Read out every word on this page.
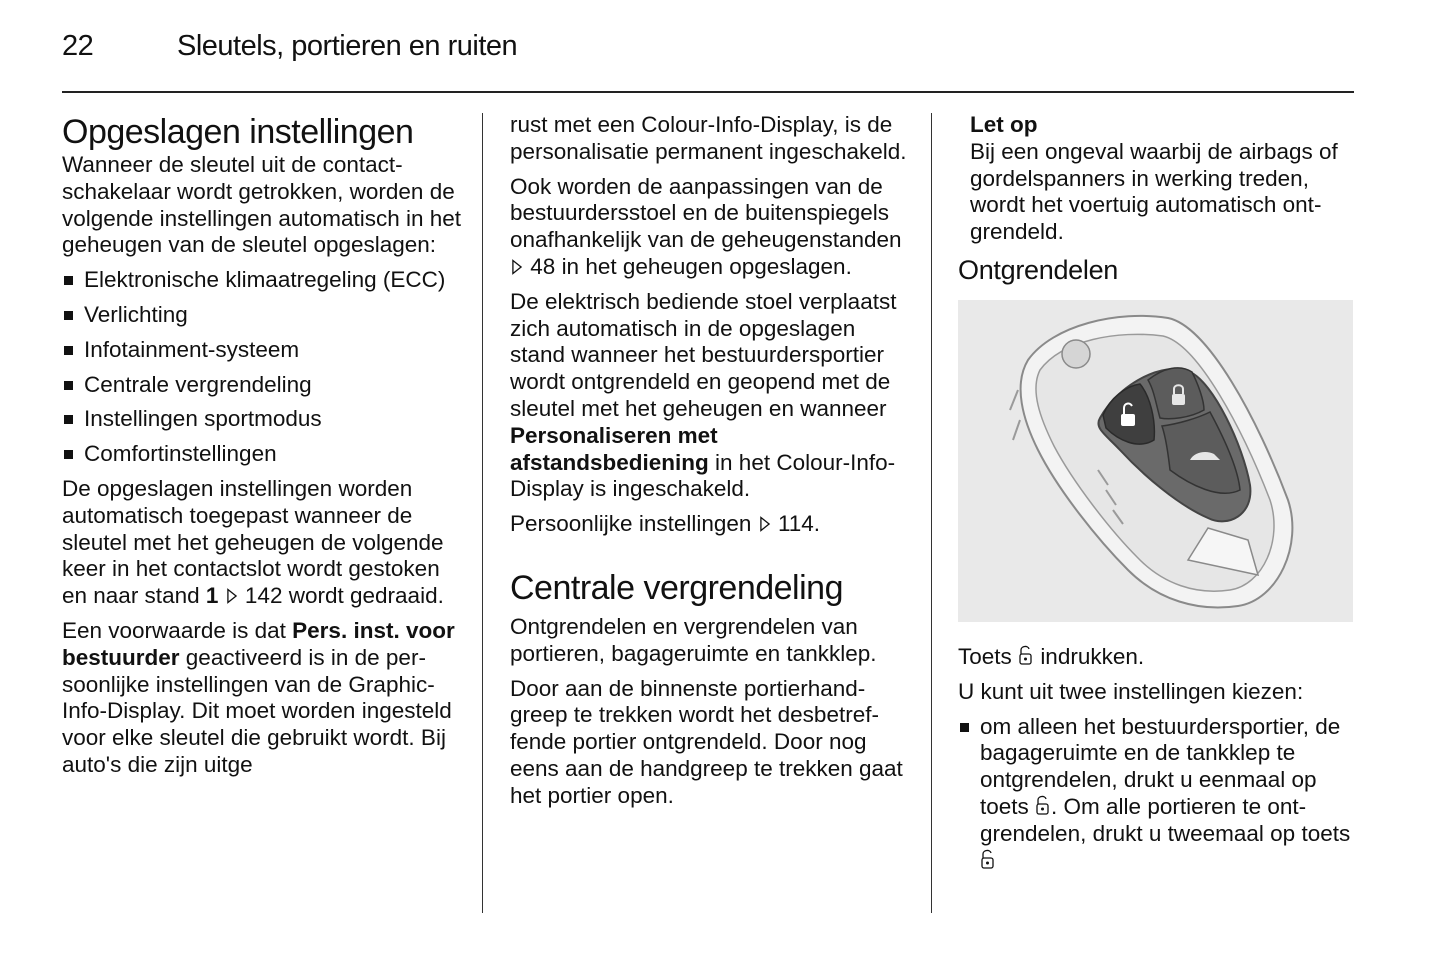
22	Sleutels, portieren en ruiten
Opgeslagen instellingen

Wanneer de sleutel uit de contactschakelaar wordt getrokken, worden de volgende instellingen automatisch in het geheugen van de sleutel opgeslagen:

Elektronische klimaatregeling (ECC)
Verlichting
Infotainment-systeem
Centrale vergrendeling
Instellingen sportmodus
Comfortinstellingen

De opgeslagen instellingen worden automatisch toegepast wanneer de sleutel met het geheugen de volgende keer in het contactslot wordt gestoken en naar stand 1 142 wordt gedraaid.

Een voorwaarde is dat Pers. inst. voor bestuurder geactiveerd is in de persoonlijke instellingen van de Graphic-Info-Display. Dit moet worden ingesteld voor elke sleutel die gebruikt wordt. Bij auto's die zijn uitge

rust met een Colour-Info-Display, is de personalisatie permanent ingeschakeld.

Ook worden de aanpassingen van de bestuurdersstoel en de buitenspiegels onafhankelijk van de geheugenstanden  48 in het geheugen opgeslagen.

De elektrisch bediende stoel verplaatst zich automatisch in de opgeslagen stand wanneer het bestuurdersportier wordt ontgrendeld en geopend met de sleutel met het geheugen en wanneer Personaliseren met afstandsbediening in het Colour-Info-Display is ingeschakeld.

Persoonlijke instellingen 114.

Centrale vergrendeling

Ontgrendelen en vergrendelen van portieren, bagageruimte en tankklep.

Door aan de binnenste portierhandgreep te trekken wordt het desbetreffende portier ontgrendeld. Door nog eens aan de handgreep te trekken gaat het portier open.

Let op
Bij een ongeval waarbij de airbags of gordelspanners in werking treden, wordt het voertuig automatisch ontgrendeld.
Ontgrendelen

Toets indrukken.

U kunt uit twee instellingen kiezen:

om alleen het bestuurdersportier, de bagageruimte en de tankklep te ontgrendelen, drukt u eenmaal op toets . Om alle portieren te ontgrendelen, drukt u tweemaal op toets
